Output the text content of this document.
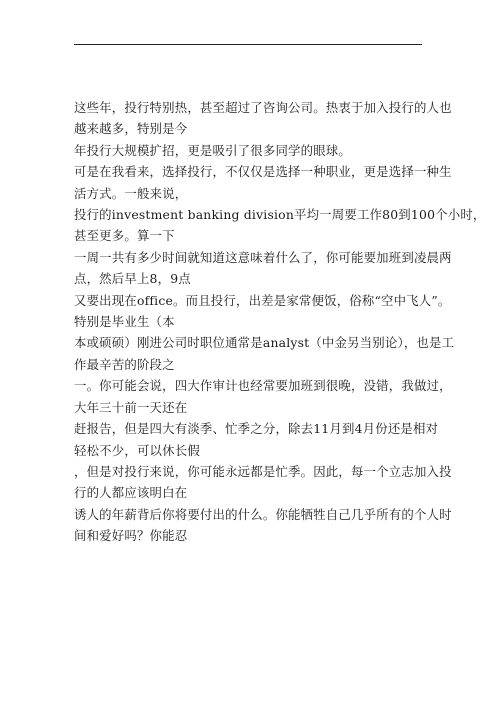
这些年，投行特别热，甚至超过了咨询公司。热衷于加入投行的人也
越来越多，特别是今
年投行大规模扩招，更是吸引了很多同学的眼球。
可是在我看来，选择投行，不仅仅是选择一种职业，更是选择一种生
活方式。一般来说，
投行的investment banking division平均一周要工作80到100个小时，
甚至更多。算一下
一周一共有多少时间就知道这意味着什么了，你可能要加班到凌晨两
点，然后早上8，9点
又要出现在office。而且投行，出差是家常便饭，俗称“空中飞人”。
特别是毕业生（本
本或硕硕）刚进公司时职位通常是analyst（中金另当别论），也是工
作最辛苦的阶段之
一。你可能会说，四大作审计也经常要加班到很晚，没错，我做过，
大年三十前一天还在
赶报告，但是四大有淡季、忙季之分，除去11月到4月份还是相对
轻松不少，可以休长假
，但是对投行来说，你可能永远都是忙季。因此，每一个立志加入投
行的人都应该明白在
诱人的年薪背后你将要付出的什么。你能牺牲自己几乎所有的个人时
间和爱好吗？你能忍
